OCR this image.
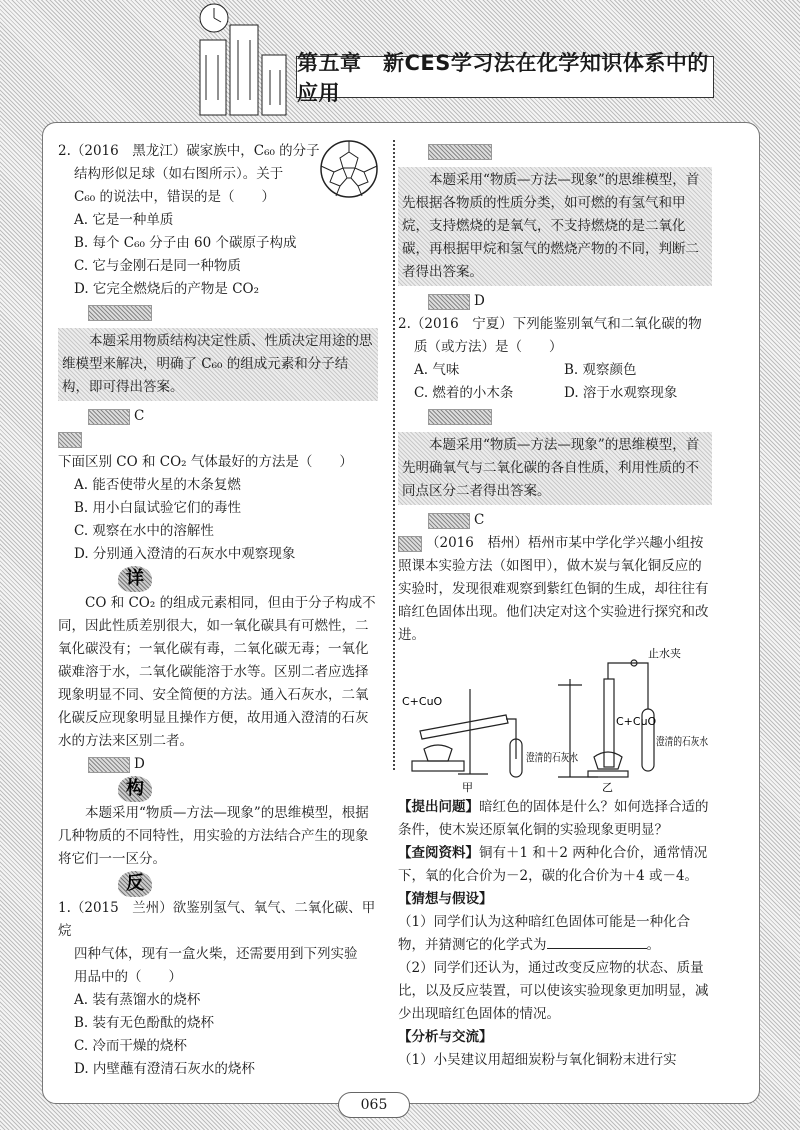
第五章　新CES学习法在化学知识体系中的应用

2.（2016　黑龙江）碳家族中，C₆₀ 的分子

结构形似足球（如右图所示）。关于

C₆₀ 的说法中，错误的是（　　）

A. 它是一种单质

B. 每个 C₆₀ 分子由 60 个碳原子构成

C. 它与金刚石是同一种物质

D. 它完全燃烧后的产物是 CO₂

本题采用物质结构决定性质、性质决定用途的思维模型来解决，明确了 C₆₀ 的组成元素和分子结构，即可得出答案。

C

下面区别 CO 和 CO₂ 气体最好的方法是（　　）

A. 能否使带火星的木条复燃

B. 用小白鼠试验它们的毒性

C. 观察在水中的溶解性

D. 分别通入澄清的石灰水中观察现象

详

CO 和 CO₂ 的组成元素相同，但由于分子构成不同，因此性质差别很大，如一氧化碳具有可燃性，二氧化碳没有；一氧化碳有毒，二氧化碳无毒；一氧化碳难溶于水，二氧化碳能溶于水等。区别二者应选择现象明显不同、安全简便的方法。通入石灰水，二氧化碳反应现象明显且操作方便，故用通入澄清的石灰水的方法来区别二者。

D

构

本题采用“物质—方法—现象”的思维模型，根据几种物质的不同特性，用实验的方法结合产生的现象将它们一一区分。

反

1.（2015　兰州）欲鉴别氢气、氧气、二氧化碳、甲烷

四种气体，现有一盒火柴，还需要用到下列实验

用品中的（　　）

A. 装有蒸馏水的烧杯

B. 装有无色酚酞的烧杯

C. 冷而干燥的烧杯

D. 内壁蘸有澄清石灰水的烧杯

本题采用“物质—方法—现象”的思维模型，首先根据各物质的性质分类，如可燃的有氢气和甲烷，支持燃烧的是氧气，不支持燃烧的是二氧化碳，再根据甲烷和氢气的燃烧产物的不同，判断二者得出答案。

D

2.（2016　宁夏）下列能鉴别氧气和二氧化碳的物

质（或方法）是（　　）

A. 气味	B. 观察颜色
C. 燃着的小木条	D. 溶于水观察现象

本题采用“物质—方法—现象”的思维模型，首先明确氧气与二氧化碳的各自性质，利用性质的不同点区分二者得出答案。

C

（2016　梧州）梧州市某中学化学兴趣小组按照课本实验方法（如图甲），做木炭与氧化铜反应的实验时，发现很难观察到紫红色铜的生成，却往往有暗红色固体出现。他们决定对这个实验进行探究和改进。

C+CuO
C+CuO
澄清的石灰水
澄清的石灰水
止水夹
甲	乙

【提出问题】暗红色的固体是什么？如何选择合适的条件，使木炭还原氧化铜的实验现象更明显？

【查阅资料】铜有＋1 和＋2 两种化合价，通常情况下，氧的化合价为－2，碳的化合价为＋4 或－4。

【猜想与假设】

（1）同学们认为这种暗红色固体可能是一种化合物，并猜测它的化学式为	。

（2）同学们还认为，通过改变反应物的状态、质量比，以及反应装置，可以使该实验现象更加明显，减少出现暗红色固体的情况。

【分析与交流】

（1）小吴建议用超细炭粉与氧化铜粉末进行实

065
